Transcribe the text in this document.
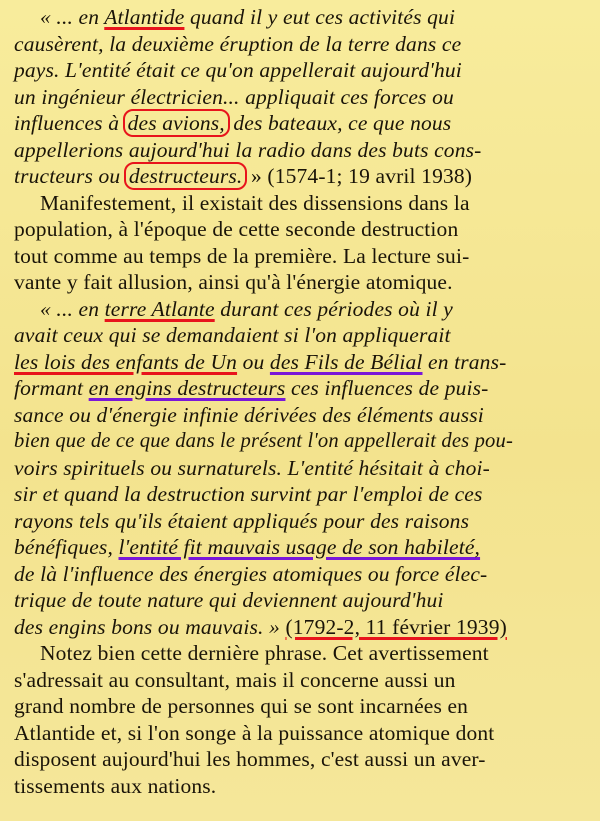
« ... en Atlantide quand il y eut ces activités qui
causèrent, la deuxième éruption de la terre dans ce
pays. L'entité était ce qu'on appellerait aujourd'hui
un ingénieur électricien... appliquait ces forces ou
influences à des avions, des bateaux, ce que nous
appellerions aujourd'hui la radio dans des buts cons-
tructeurs ou destructeurs. » (1574-1; 19 avril 1938)
Manifestement, il existait des dissensions dans la
population, à l'époque de cette seconde destruction
tout comme au temps de la première. La lecture sui-
vante y fait allusion, ainsi qu'à l'énergie atomique.
« ... en terre Atlante durant ces périodes où il y
avait ceux qui se demandaient si l'on appliquerait
les lois des enfants de Un ou des Fils de Bélial en trans-
formant en engins destructeurs ces influences de puis-
sance ou d'énergie infinie dérivées des éléments aussi
bien que de ce que dans le présent l'on appellerait des pou-
voirs spirituels ou surnaturels. L'entité hésitait à choi-
sir et quand la destruction survint par l'emploi de ces
rayons tels qu'ils étaient appliqués pour des raisons
bénéfiques, l'entité fit mauvais usage de son habileté,
de là l'influence des énergies atomiques ou force élec-
trique de toute nature qui deviennent aujourd'hui
des engins bons ou mauvais. » (1792-2, 11 février 1939)
Notez bien cette dernière phrase. Cet avertissement
s'adressait au consultant, mais il concerne aussi un
grand nombre de personnes qui se sont incarnées en
Atlantide et, si l'on songe à la puissance atomique dont
disposent aujourd'hui les hommes, c'est aussi un aver-
tissements aux nations.
